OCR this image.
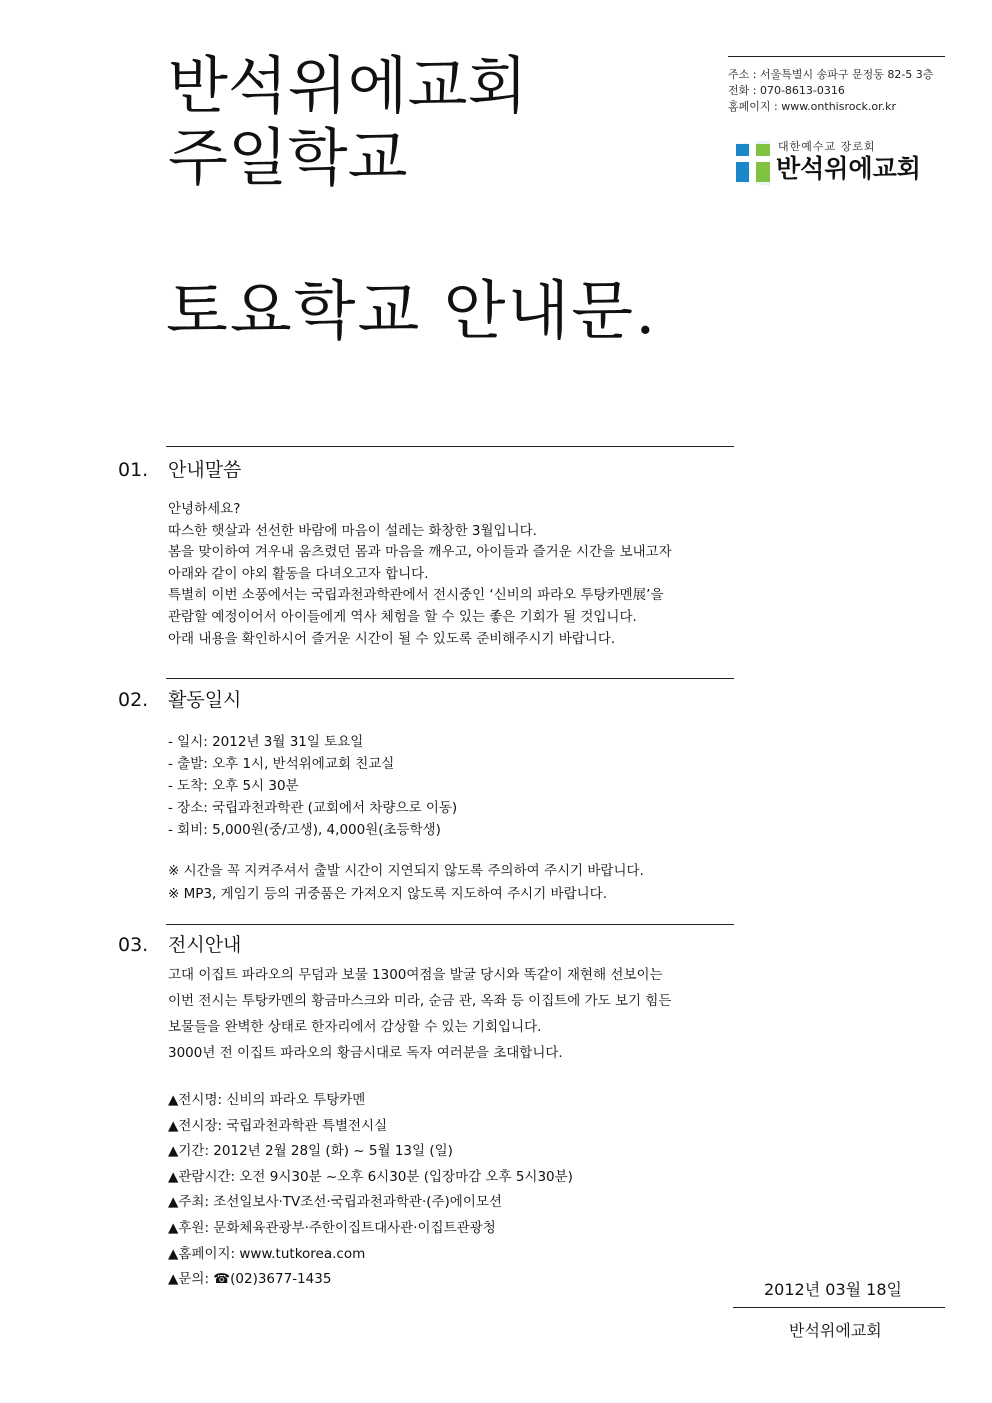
반석위에교회
주일학교
토요학교 안내문.
주소 : 서울특별시 송파구 문정동 82-5 3층
전화 : 070-8613-0316
홈페이지 : www.onthisrock.or.kr
대한예수교 장로회
반석위에교회
01. 안내말씀
안녕하세요?
따스한 햇살과 선선한 바람에 마음이 설레는 화창한 3월입니다.
봄을 맞이하여 겨우내 움츠렸던 몸과 마음을 깨우고, 아이들과 즐거운 시간을 보내고자
아래와 같이 야외 활동을 다녀오고자 합니다.
특별히 이번 소풍에서는 국립과천과학관에서 전시중인 ‘신비의 파라오 투탕카멘展’을
관람할 예정이어서 아이들에게 역사 체험을 할 수 있는 좋은 기회가 될 것입니다.
아래 내용을 확인하시어 즐거운 시간이 될 수 있도록 준비해주시기 바랍니다.
02. 활동일시
- 일시: 2012년 3월 31일 토요일
- 출발: 오후 1시, 반석위에교회 친교실
- 도착: 오후 5시 30분
- 장소: 국립과천과학관 (교회에서 차량으로 이동)
- 회비: 5,000원(중/고생), 4,000원(초등학생)
※ 시간을 꼭 지켜주셔서 출발 시간이 지연되지 않도록 주의하여 주시기 바랍니다.
※ MP3, 게임기 등의 귀중품은 가져오지 않도록 지도하여 주시기 바랍니다.
03. 전시안내
고대 이집트 파라오의 무덤과 보물 1300여점을 발굴 당시와 똑같이 재현해 선보이는
이번 전시는 투탕카멘의 황금마스크와 미라, 순금 관, 옥좌 등 이집트에 가도 보기 힘든
보물들을 완벽한 상태로 한자리에서 감상할 수 있는 기회입니다.
3000년 전 이집트 파라오의 황금시대로 독자 여러분을 초대합니다.
▲전시명: 신비의 파라오 투탕카멘
▲전시장: 국립과천과학관 특별전시실
▲기간: 2012년 2월 28일 (화) ~ 5월 13일 (일)
▲관람시간: 오전 9시30분 ~오후 6시30분 (입장마감 오후 5시30분)
▲주최: 조선일보사·TV조선·국립과천과학관·(주)에이모션
▲후원: 문화체육관광부·주한이집트대사관·이집트관광청
▲홈페이지: www.tutkorea.com
▲문의: ☎(02)3677-1435
2012년 03월 18일
반석위에교회
